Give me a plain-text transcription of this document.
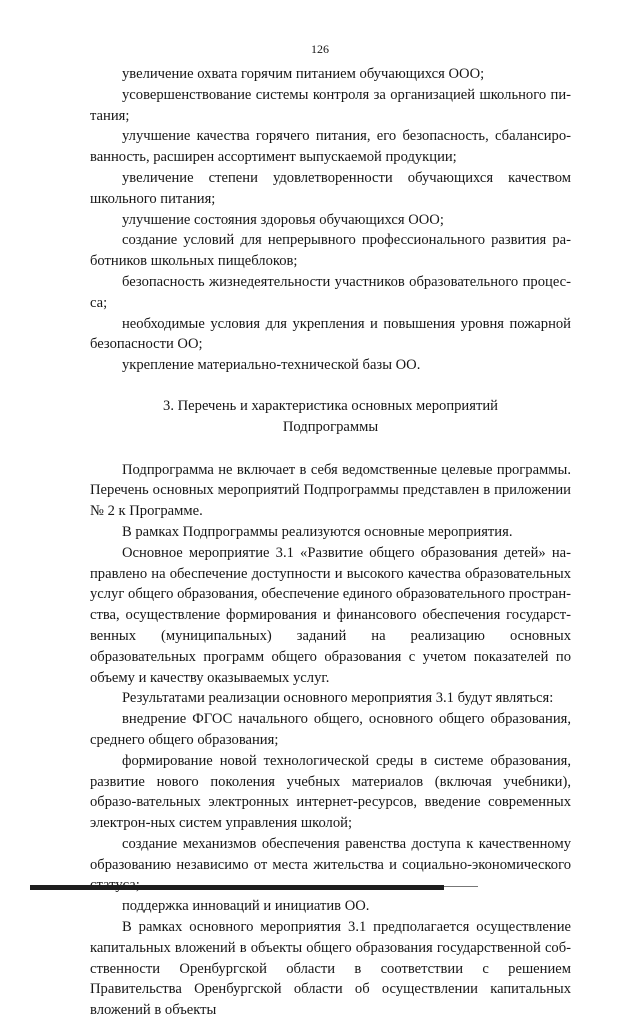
126

увеличение охвата горячим питанием обучающихся ООО;

усовершенствование системы контроля за организацией школьного пи-тания;

улучшение качества горячего питания, его безопасность, сбалансиро-ванность, расширен ассортимент выпускаемой продукции;

увеличение степени удовлетворенности обучающихся качеством школьного питания;

улучшение состояния здоровья обучающихся ООО;

создание условий для непрерывного профессионального развития ра-ботников школьных пищеблоков;

безопасность жизнедеятельности участников образовательного процес-са;

необходимые условия для укрепления и повышения уровня пожарной безопасности ОО;

укрепление материально-технической базы ОО.

3. Перечень и характеристика основных мероприятий
Подпрограммы

Подпрограмма не включает в себя ведомственные целевые программы. Перечень основных мероприятий Подпрограммы представлен в приложении № 2 к Программе.

В рамках Подпрограммы реализуются основные мероприятия.

Основное мероприятие 3.1 «Развитие общего образования детей» на-правлено на обеспечение доступности и высокого качества образовательных услуг общего образования, обеспечение единого образовательного простран-ства, осуществление формирования и финансового обеспечения государст-венных (муниципальных) заданий на реализацию основных образовательных программ общего образования с учетом показателей по объему и качеству оказываемых услуг.

Результатами реализации основного мероприятия 3.1 будут являться:

внедрение ФГОС начального общего, основного общего образования, среднего общего образования;

формирование новой технологической среды в системе образования, развитие нового поколения учебных материалов (включая учебники), образо-вательных электронных интернет-ресурсов, введение современных электрон-ных систем управления школой;

создание механизмов обеспечения равенства доступа к качественному образованию независимо от места жительства и социально-экономического

поддержка инноваций и инициатив ОО.

В рамках основного мероприятия 3.1 предполагается осуществление капитальных вложений в объекты общего образования государственной соб-ственности Оренбургской области в соответствии с решением Правительства Оренбургской области об осуществлении капитальных вложений в объекты
